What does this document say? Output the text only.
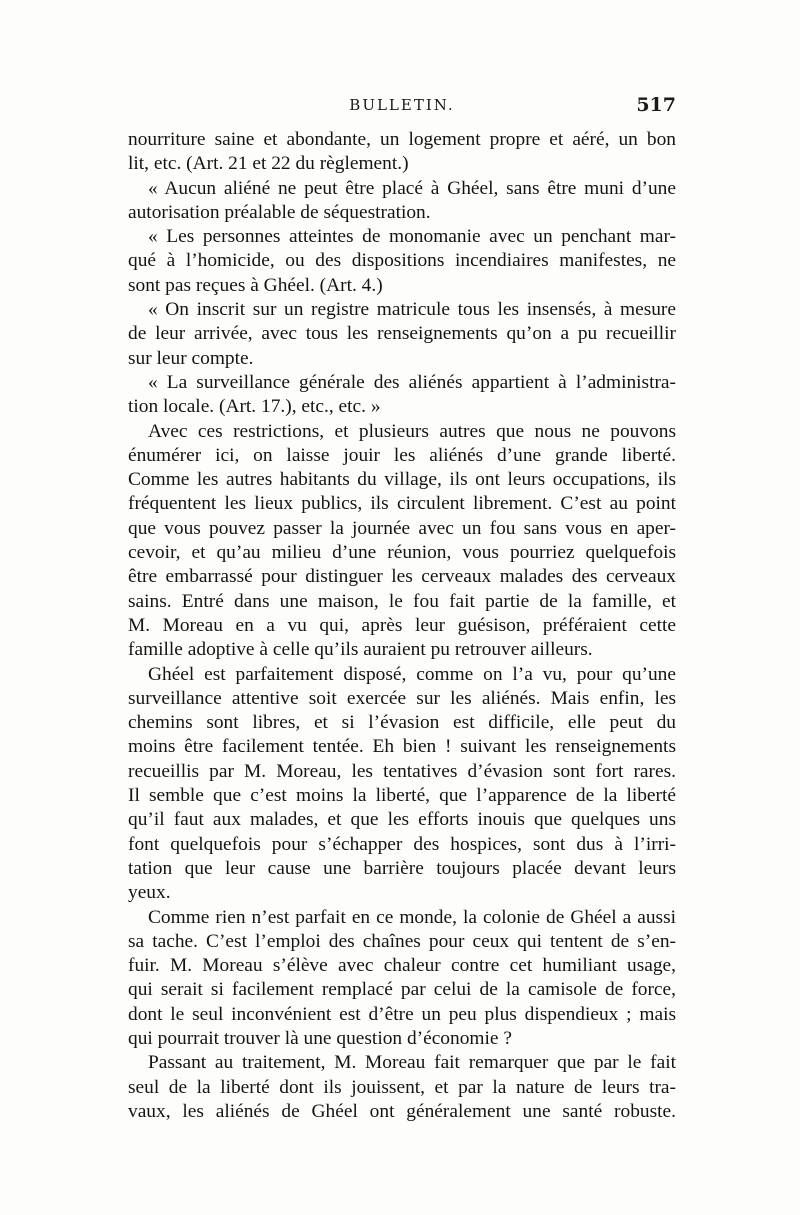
BULLETIN.	517
nourriture saine et abondante, un logement propre et aéré, un bon
lit, etc. (Art. 21 et 22 du règlement.)
« Aucun aliéné ne peut être placé à Ghéel, sans être muni d’une
autorisation préalable de séquestration.
« Les personnes atteintes de monomanie avec un penchant mar-
qué à l’homicide, ou des dispositions incendiaires manifestes, ne
sont pas reçues à Ghéel. (Art. 4.)
« On inscrit sur un registre matricule tous les insensés, à mesure
de leur arrivée, avec tous les renseignements qu’on a pu recueillir
sur leur compte.
« La surveillance générale des aliénés appartient à l’administra-
tion locale. (Art. 17.), etc., etc. »
Avec ces restrictions, et plusieurs autres que nous ne pouvons
énumérer ici, on laisse jouir les aliénés d’une grande liberté.
Comme les autres habitants du village, ils ont leurs occupations, ils
fréquentent les lieux publics, ils circulent librement. C’est au point
que vous pouvez passer la journée avec un fou sans vous en aper-
cevoir, et qu’au milieu d’une réunion, vous pourriez quelquefois
être embarrassé pour distinguer les cerveaux malades des cerveaux
sains. Entré dans une maison, le fou fait partie de la famille, et
M. Moreau en a vu qui, après leur guésison, préféraient cette
famille adoptive à celle qu’ils auraient pu retrouver ailleurs.
Ghéel est parfaitement disposé, comme on l’a vu, pour qu’une
surveillance attentive soit exercée sur les aliénés. Mais enfin, les
chemins sont libres, et si l’évasion est difficile, elle peut du
moins être facilement tentée. Eh bien ! suivant les renseignements
recueillis par M. Moreau, les tentatives d’évasion sont fort rares.
Il semble que c’est moins la liberté, que l’apparence de la liberté
qu’il faut aux malades, et que les efforts inouis que quelques uns
font quelquefois pour s’échapper des hospices, sont dus à l’irri-
tation que leur cause une barrière toujours placée devant leurs
yeux.
Comme rien n’est parfait en ce monde, la colonie de Ghéel a aussi
sa tache. C’est l’emploi des chaînes pour ceux qui tentent de s’en-
fuir. M. Moreau s’élève avec chaleur contre cet humiliant usage,
qui serait si facilement remplacé par celui de la camisole de force,
dont le seul inconvénient est d’être un peu plus dispendieux ; mais
qui pourrait trouver là une question d’économie ?
Passant au traitement, M. Moreau fait remarquer que par le fait
seul de la liberté dont ils jouissent, et par la nature de leurs tra-
vaux, les aliénés de Ghéel ont généralement une santé robuste.
